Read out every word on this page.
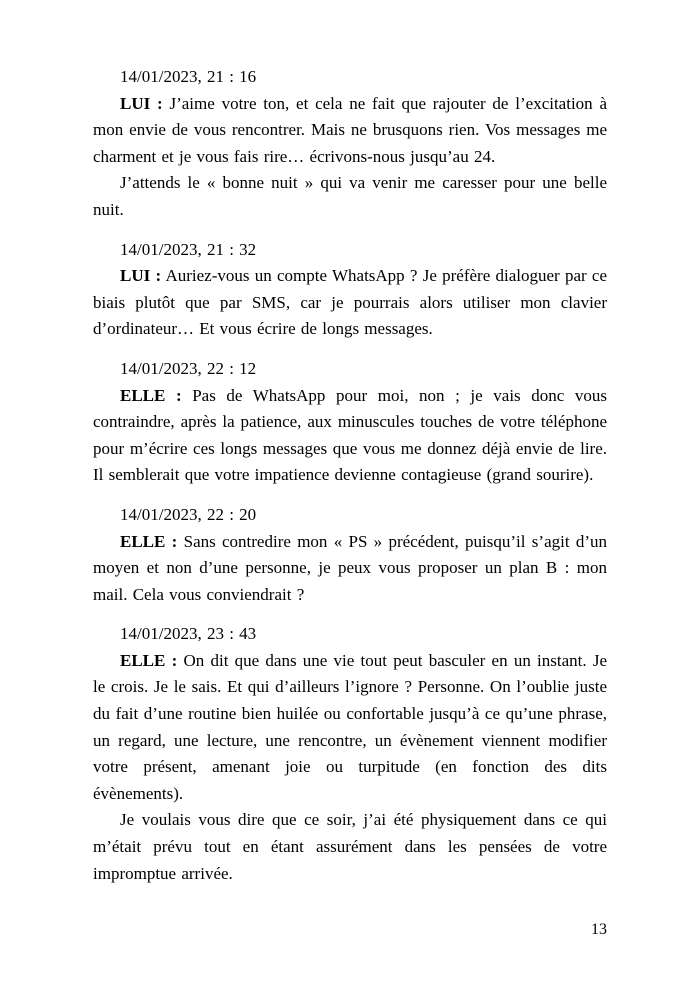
14/01/2023, 21 : 16

LUI : J’aime votre ton, et cela ne fait que rajouter de l’excitation à mon envie de vous rencontrer. Mais ne brusquons rien. Vos messages me charment et je vous fais rire… écrivons-nous jusqu’au 24.

J’attends le « bonne nuit » qui va venir me caresser pour une belle nuit.

14/01/2023, 21 : 32

LUI : Auriez-vous un compte WhatsApp ? Je préfère dialoguer par ce biais plutôt que par SMS, car je pourrais alors utiliser mon clavier d’ordinateur… Et vous écrire de longs messages.

14/01/2023, 22 : 12

ELLE : Pas de WhatsApp pour moi, non ; je vais donc vous contraindre, après la patience, aux minuscules touches de votre téléphone pour m’écrire ces longs messages que vous me donnez déjà envie de lire. Il semblerait que votre impatience devienne contagieuse (grand sourire).

14/01/2023, 22 : 20

ELLE : Sans contredire mon « PS » précédent, puisqu’il s’agit d’un moyen et non d’une personne, je peux vous proposer un plan B : mon mail. Cela vous conviendrait ?

14/01/2023, 23 : 43

ELLE : On dit que dans une vie tout peut basculer en un instant. Je le crois. Je le sais. Et qui d’ailleurs l’ignore ? Personne. On l’oublie juste du fait d’une routine bien huilée ou confortable jusqu’à ce qu’une phrase, un regard, une lecture, une rencontre, un évènement viennent modifier votre présent, amenant joie ou turpitude (en fonction des dits évènements).

Je voulais vous dire que ce soir, j’ai été physiquement dans ce qui m’était prévu tout en étant assurément dans les pensées de votre impromptue arrivée.

13
